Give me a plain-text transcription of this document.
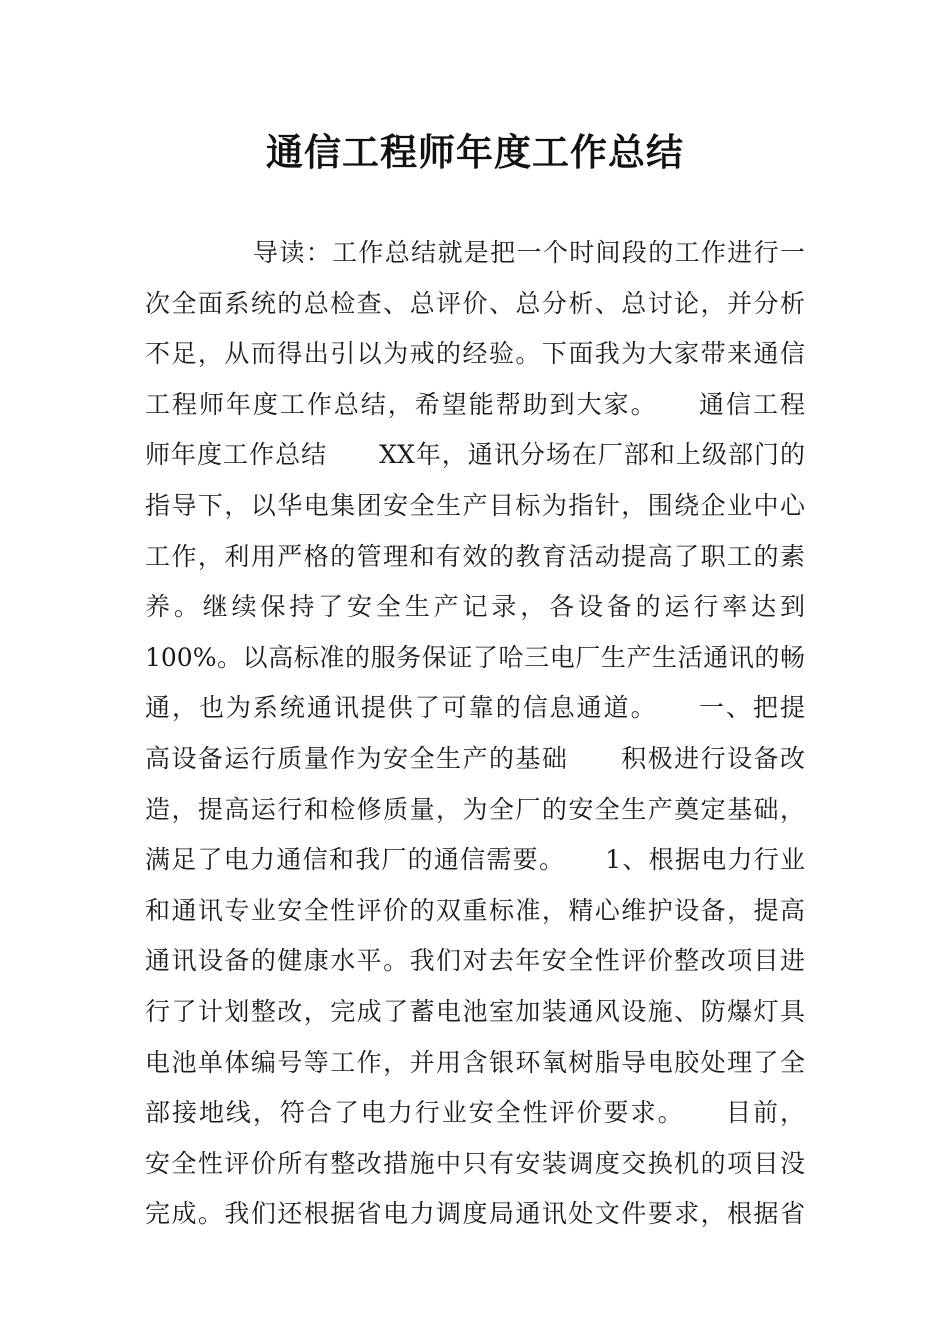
通信工程师年度工作总结
导读：工作总结就是把一个时间段的工作进行一
次全面系统的总检查、总评价、总分析、总讨论，并分析
不足，从而得出引以为戒的经验。下面我为大家带来通信
工程师年度工作总结，希望能帮助到大家。　　通信工程
师年度工作总结　　XX年，通讯分场在厂部和上级部门的
指导下，以华电集团安全生产目标为指针，围绕企业中心
工作，利用严格的管理和有效的教育活动提高了职工的素
养。继续保持了安全生产记录，各设备的运行率达到
100%。以高标准的服务保证了哈三电厂生产生活通讯的畅
通，也为系统通讯提供了可靠的信息通道。　　一、把提
高设备运行质量作为安全生产的基础　　积极进行设备改
造，提高运行和检修质量，为全厂的安全生产奠定基础，
满足了电力通信和我厂的通信需要。　　1、根据电力行业
和通讯专业安全性评价的双重标准，精心维护设备，提高
通讯设备的健康水平。我们对去年安全性评价整改项目进
行了计划整改，完成了蓄电池室加装通风设施、防爆灯具
电池单体编号等工作，并用含银环氧树脂导电胶处理了全
部接地线，符合了电力行业安全性评价要求。　　目前，
安全性评价所有整改措施中只有安装调度交换机的项目没
完成。我们还根据省电力调度局通讯处文件要求，根据省
